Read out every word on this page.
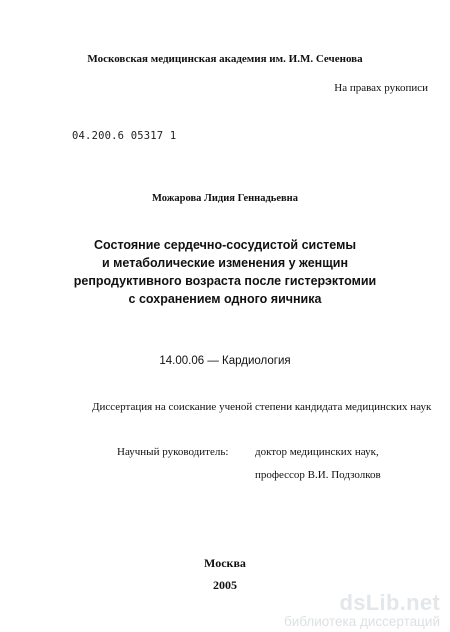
Московская медицинская академия им. И.М. Сеченова
На правах рукописи
04.200.6 05317 1
Можарова Лидия Геннадьевна
Состояние сердечно-сосудистой системы
и метаболические изменения у женщин
репродуктивного возраста после гистерэктомии
с сохранением одного яичника
14.00.06 — Кардиология
Диссертация на соискание ученой степени кандидата медицинских наук
Научный руководитель: доктор медицинских наук,
профессор В.И. Подзолков
Москва
2005
dsLib.net
библиотека диссертаций
